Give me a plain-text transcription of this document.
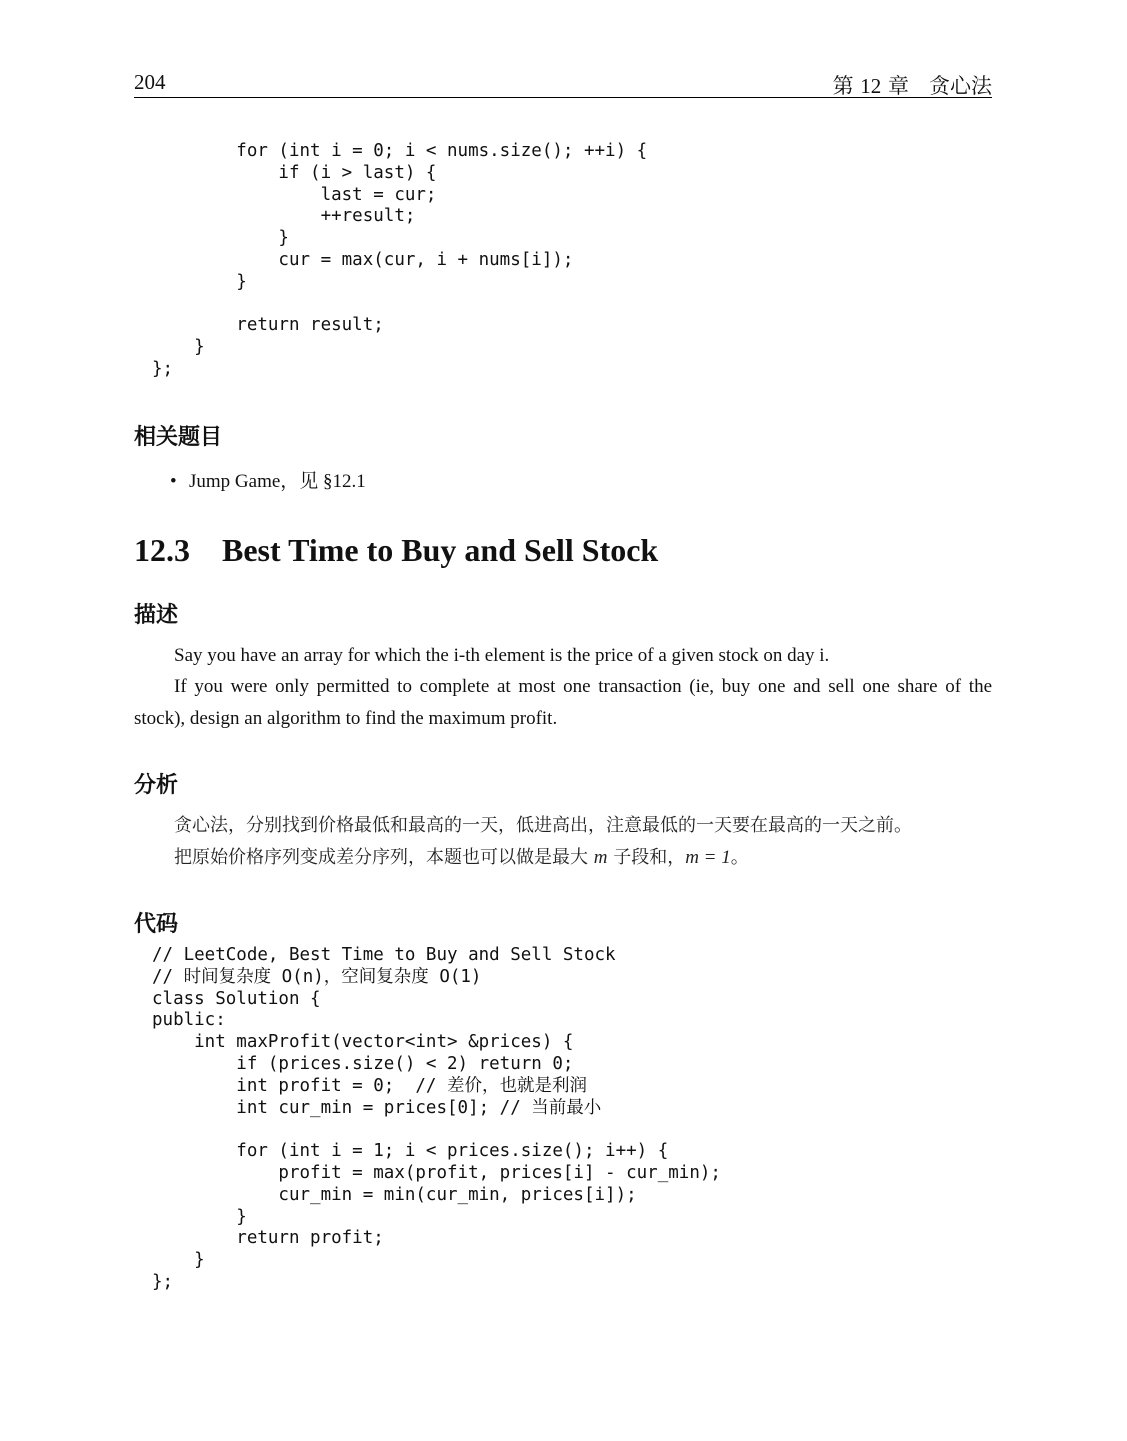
204	第 12 章 贪心法
for (int i = 0; i < nums.size(); ++i) {
if (i > last) {
last = cur;
++result;
}
cur = max(cur, i + nums[i]);
}

return result;
}
};
相关题目
• Jump Game，见 §12.1
12.3 Best Time to Buy and Sell Stock
描述

Say you have an array for which the i-th element is the price of a given stock on day i.

If you were only permitted to complete at most one transaction (ie, buy one and sell one share of the

stock), design an algorithm to find the maximum profit.

分析

贪心法，分别找到价格最低和最高的一天，低进高出，注意最低的一天要在最高的一天之前。

把原始价格序列变成差分序列，本题也可以做是最大 m 子段和，m = 1。

代码
// LeetCode, Best Time to Buy and Sell Stock
// 时间复杂度 O(n)，空间复杂度 O(1)
class Solution {
public:
int maxProfit(vector<int> &prices) {
if (prices.size() < 2) return 0;
int profit = 0;  // 差价，也就是利润
int cur_min = prices[0]; // 当前最小

for (int i = 1; i < prices.size(); i++) {
profit = max(profit, prices[i] - cur_min);
cur_min = min(cur_min, prices[i]);
}
return profit;
}
};
